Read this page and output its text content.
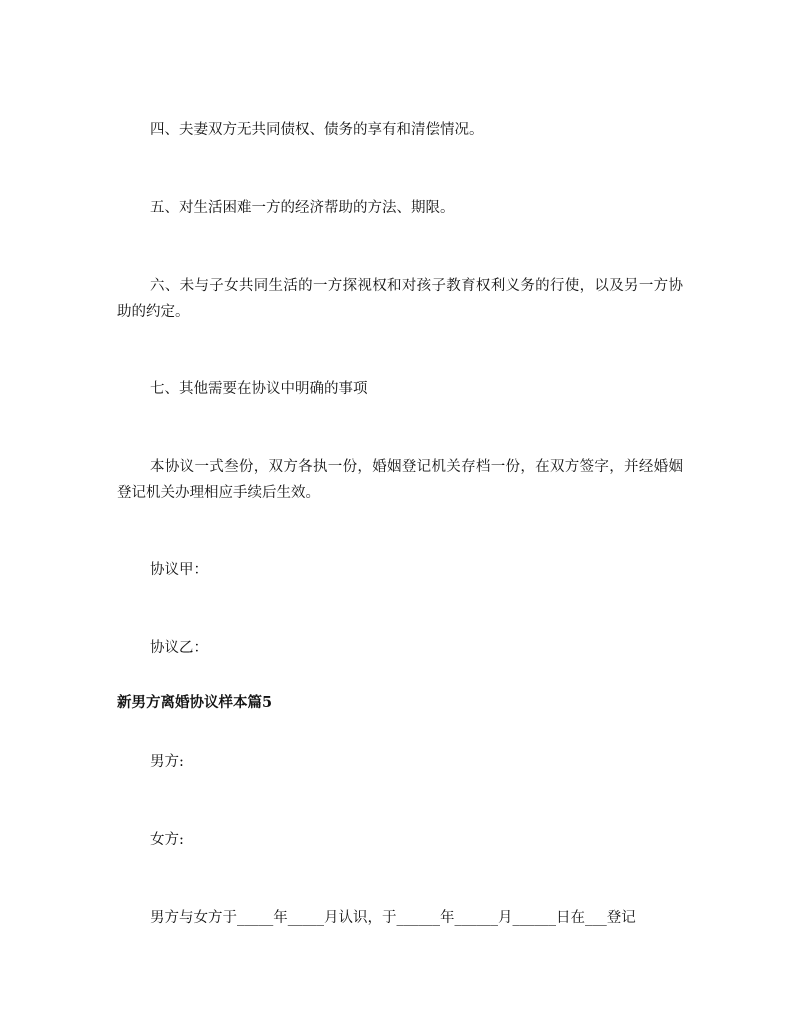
四、夫妻双方无共同债权、债务的享有和清偿情况。

五、对生活困难一方的经济帮助的方法、期限。

六、未与子女共同生活的一方探视权和对孩子教育权利义务的行使，以及另一方协助的约定。

七、其他需要在协议中明确的事项

本协议一式叁份，双方各执一份，婚姻登记机关存档一份，在双方签字，并经婚姻登记机关办理相应手续后生效。

协议甲：

协议乙：

新男方离婚协议样本篇5

男方:

女方:

男方与女方于_____年_____月认识，于______年______月______日在___登记
